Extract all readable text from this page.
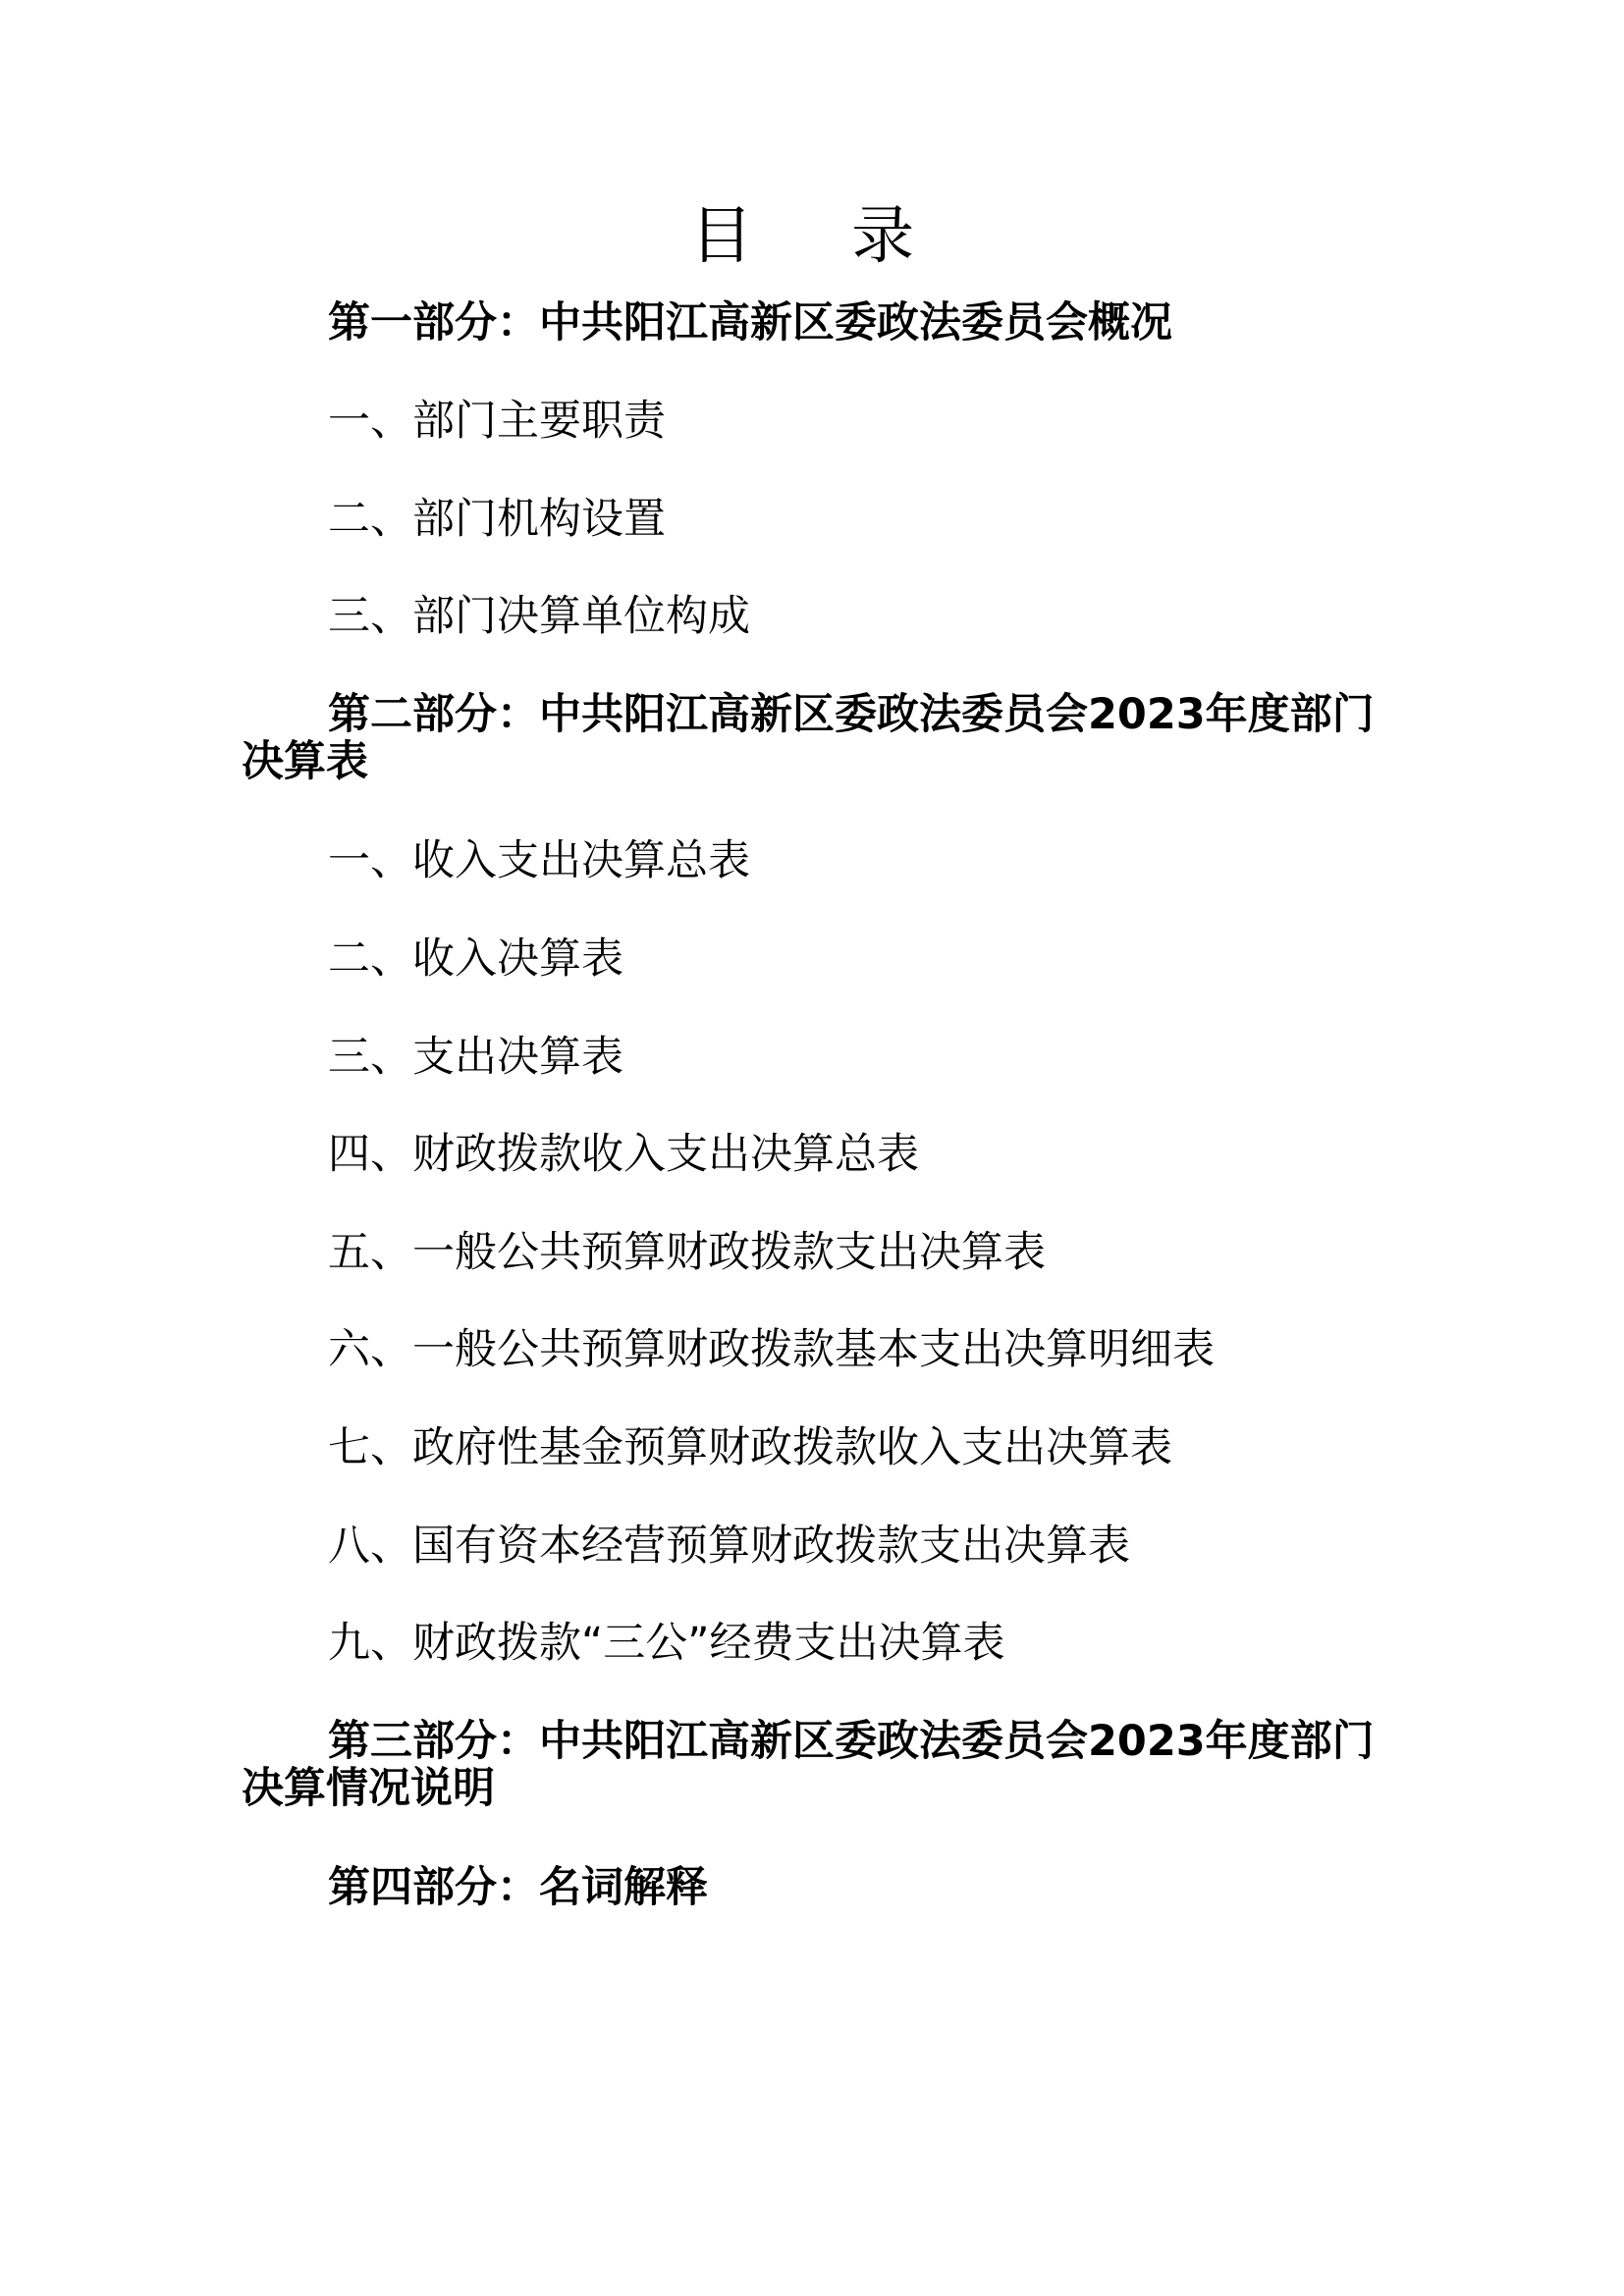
目 录
第一部分：中共阳江高新区委政法委员会概况
一、部门主要职责
二、部门机构设置
三、部门决算单位构成
第二部分：中共阳江高新区委政法委员会2023年度部门决算表
一、收入支出决算总表
二、收入决算表
三、支出决算表
四、财政拨款收入支出决算总表
五、一般公共预算财政拨款支出决算表
六、一般公共预算财政拨款基本支出决算明细表
七、政府性基金预算财政拨款收入支出决算表
八、国有资本经营预算财政拨款支出决算表
九、财政拨款“三公”经费支出决算表
第三部分：中共阳江高新区委政法委员会2023年度部门决算情况说明
第四部分：名词解释
